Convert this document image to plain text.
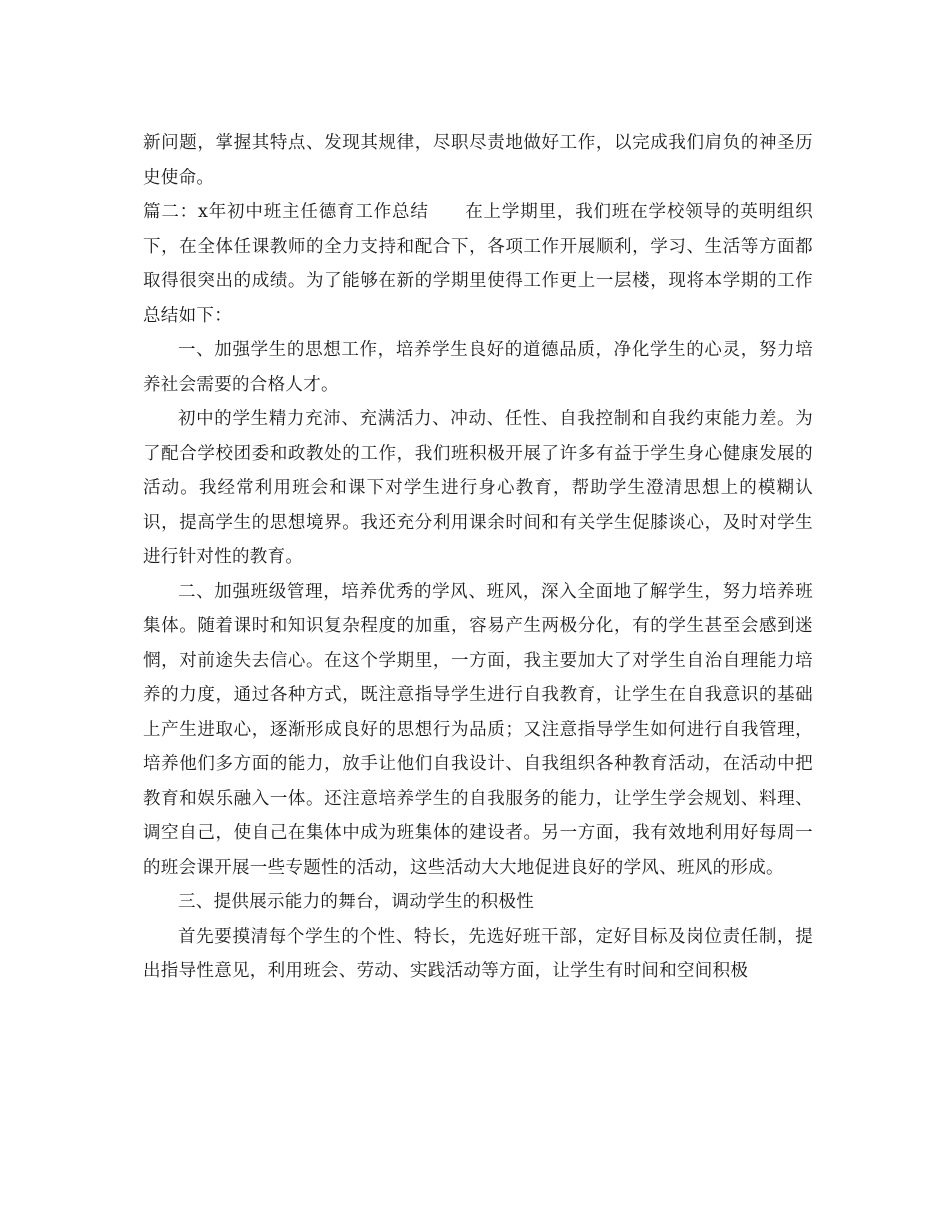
新问题，掌握其特点、发现其规律，尽职尽责地做好工作，以完成我们肩负的神圣历史使命。

篇二：x年初中班主任德育工作总结 在上学期里，我们班在学校领导的英明组织下，在全体任课教师的全力支持和配合下，各项工作开展顺利，学习、生活等方面都取得很突出的成绩。为了能够在新的学期里使得工作更上一层楼，现将本学期的工作总结如下：

一、加强学生的思想工作，培养学生良好的道德品质，净化学生的心灵，努力培养社会需要的合格人才。

初中的学生精力充沛、充满活力、冲动、任性、自我控制和自我约束能力差。为了配合学校团委和政教处的工作，我们班积极开展了许多有益于学生身心健康发展的活动。我经常利用班会和课下对学生进行身心教育，帮助学生澄清思想上的模糊认识，提高学生的思想境界。我还充分利用课余时间和有关学生促膝谈心，及时对学生进行针对性的教育。

二、加强班级管理，培养优秀的学风、班风，深入全面地了解学生，努力培养班集体。随着课时和知识复杂程度的加重，容易产生两极分化，有的学生甚至会感到迷惘，对前途失去信心。在这个学期里，一方面，我主要加大了对学生自治自理能力培养的力度，通过各种方式，既注意指导学生进行自我教育，让学生在自我意识的基础上产生进取心，逐渐形成良好的思想行为品质；又注意指导学生如何进行自我管理，培养他们多方面的能力，放手让他们自我设计、自我组织各种教育活动，在活动中把教育和娱乐融入一体。还注意培养学生的自我服务的能力，让学生学会规划、料理、调空自己，使自己在集体中成为班集体的建设者。另一方面，我有效地利用好每周一的班会课开展一些专题性的活动，这些活动大大地促进良好的学风、班风的形成。

三、提供展示能力的舞台，调动学生的积极性

首先要摸清每个学生的个性、特长，先选好班干部，定好目标及岗位责任制，提出指导性意见，利用班会、劳动、实践活动等方面，让学生有时间和空间积极
